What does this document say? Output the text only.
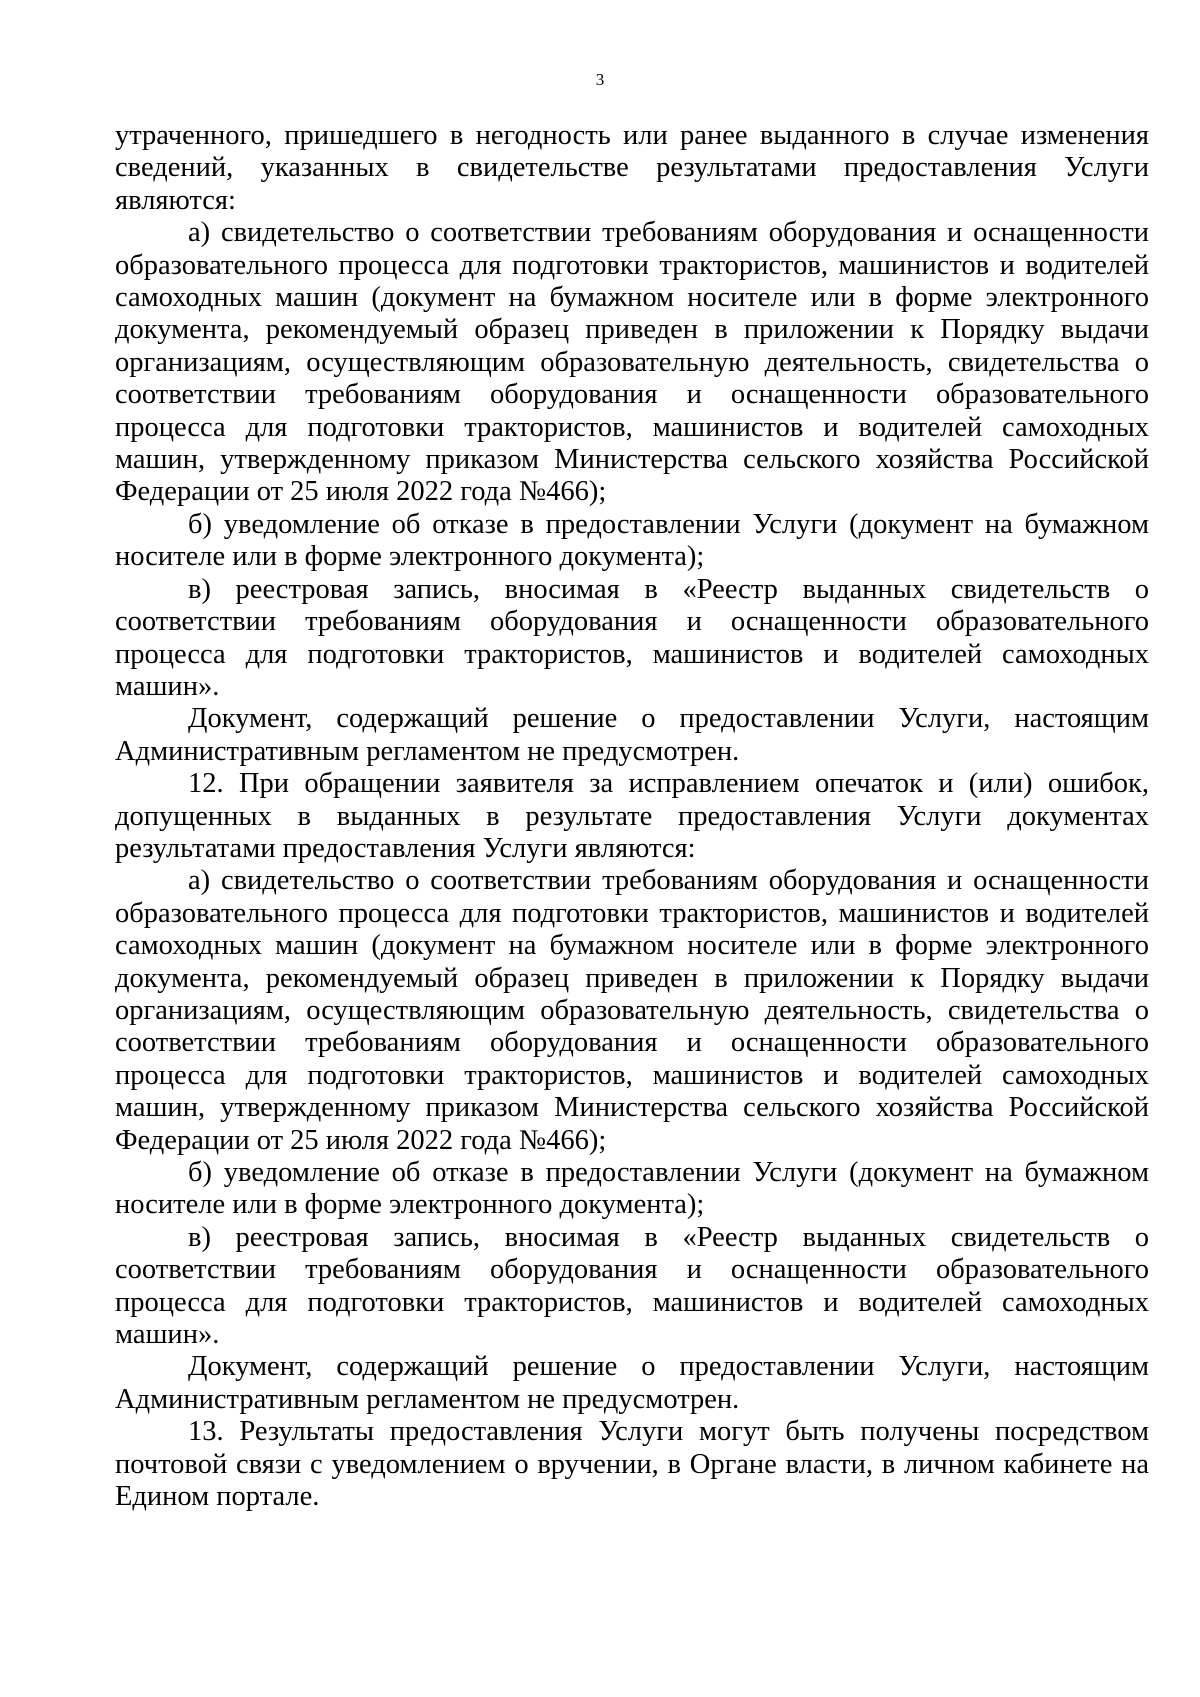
3

утраченного, пришедшего в негодность или ранее выданного в случае изменения сведений, указанных в свидетельстве результатами предоставления Услуги являются:

а) свидетельство о соответствии требованиям оборудования и оснащенности образовательного процесса для подготовки трактористов, машинистов и водителей самоходных машин (документ на бумажном носителе или в форме электронного документа, рекомендуемый образец приведен в приложении к Порядку выдачи организациям, осуществляющим образовательную деятельность, свидетельства о соответствии требованиям оборудования и оснащенности образовательного процесса для подготовки трактористов, машинистов и водителей самоходных машин, утвержденному приказом Министерства сельского хозяйства Российской Федерации от 25 июля 2022 года №466);

б) уведомление об отказе в предоставлении Услуги (документ на бумажном носителе или в форме электронного документа);

в) реестровая запись, вносимая в «Реестр выданных свидетельств о соответствии требованиям оборудования и оснащенности образовательного процесса для подготовки трактористов, машинистов и водителей самоходных машин».

Документ, содержащий решение о предоставлении Услуги, настоящим Административным регламентом не предусмотрен.

12. При обращении заявителя за исправлением опечаток и (или) ошибок, допущенных в выданных в результате предоставления Услуги документах результатами предоставления Услуги являются:

а) свидетельство о соответствии требованиям оборудования и оснащенности образовательного процесса для подготовки трактористов, машинистов и водителей самоходных машин (документ на бумажном носителе или в форме электронного документа, рекомендуемый образец приведен в приложении к Порядку выдачи организациям, осуществляющим образовательную деятельность, свидетельства о соответствии требованиям оборудования и оснащенности образовательного процесса для подготовки трактористов, машинистов и водителей самоходных машин, утвержденному приказом Министерства сельского хозяйства Российской Федерации от 25 июля 2022 года №466);

б) уведомление об отказе в предоставлении Услуги (документ на бумажном носителе или в форме электронного документа);

в) реестровая запись, вносимая в «Реестр выданных свидетельств о соответствии требованиям оборудования и оснащенности образовательного процесса для подготовки трактористов, машинистов и водителей самоходных машин».

Документ, содержащий решение о предоставлении Услуги, настоящим Административным регламентом не предусмотрен.

13. Результаты предоставления Услуги могут быть получены посредством почтовой связи с уведомлением о вручении, в Органе власти, в личном кабинете на Едином портале.
